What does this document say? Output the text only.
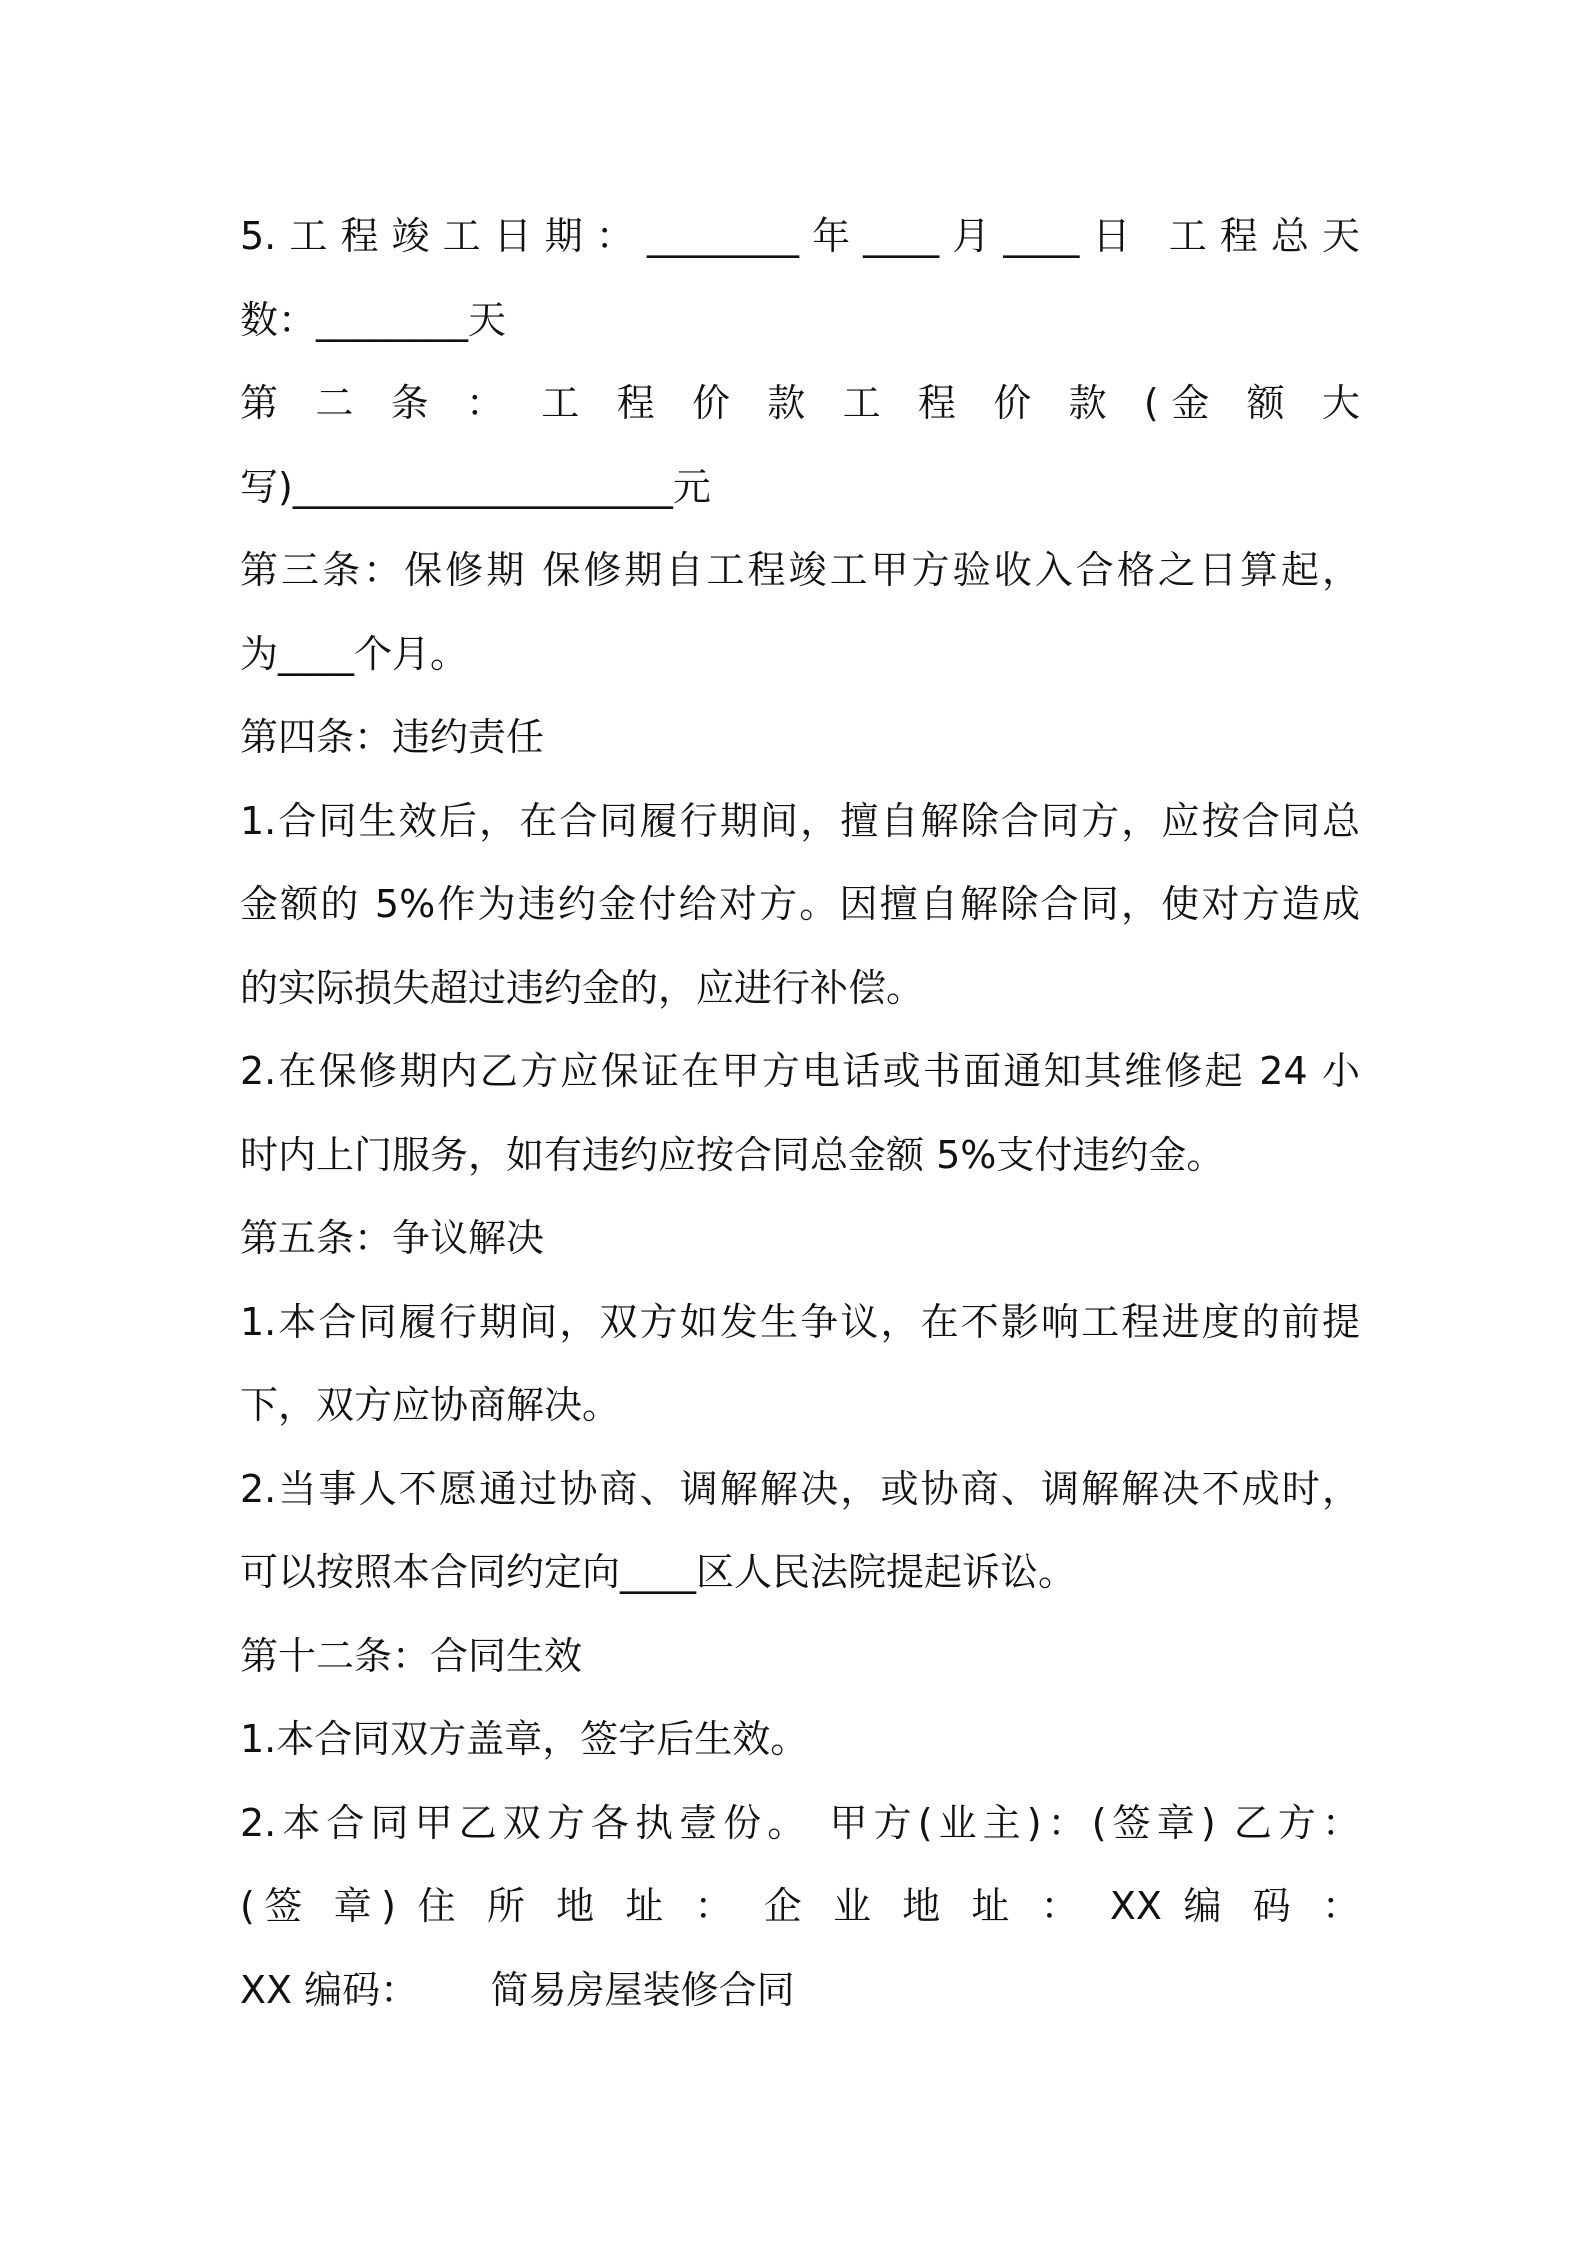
5.工程竣工日期：________年____月____日 工程总天
数：________天
第 二 条 ： 工 程 价 款 工 程 价 款 (金 额 大
写)____________________元
第三条：保修期 保修期自工程竣工甲方验收入合格之日算起，
为____个月。
第四条：违约责任
1.合同生效后，在合同履行期间，擅自解除合同方，应按合同总
金额的 5%作为违约金付给对方。因擅自解除合同，使对方造成
的实际损失超过违约金的，应进行补偿。
2.在保修期内乙方应保证在甲方电话或书面通知其维修起 24 小
时内上门服务，如有违约应按合同总金额 5%支付违约金。
第五条：争议解决
1.本合同履行期间，双方如发生争议，在不影响工程进度的前提
下，双方应协商解决。
2.当事人不愿通过协商、调解解决，或协商、调解解决不成时，
可以按照本合同约定向____区人民法院提起诉讼。
第十二条：合同生效
1.本合同双方盖章，签字后生效。
2.本合同甲乙双方各执壹份。 甲方(业主)：(签章) 乙方：
(签 章) 住 所 地 址 ： 企 业 地 址 ： XX 编 码 ：
XX 编码：      简易房屋装修合同
